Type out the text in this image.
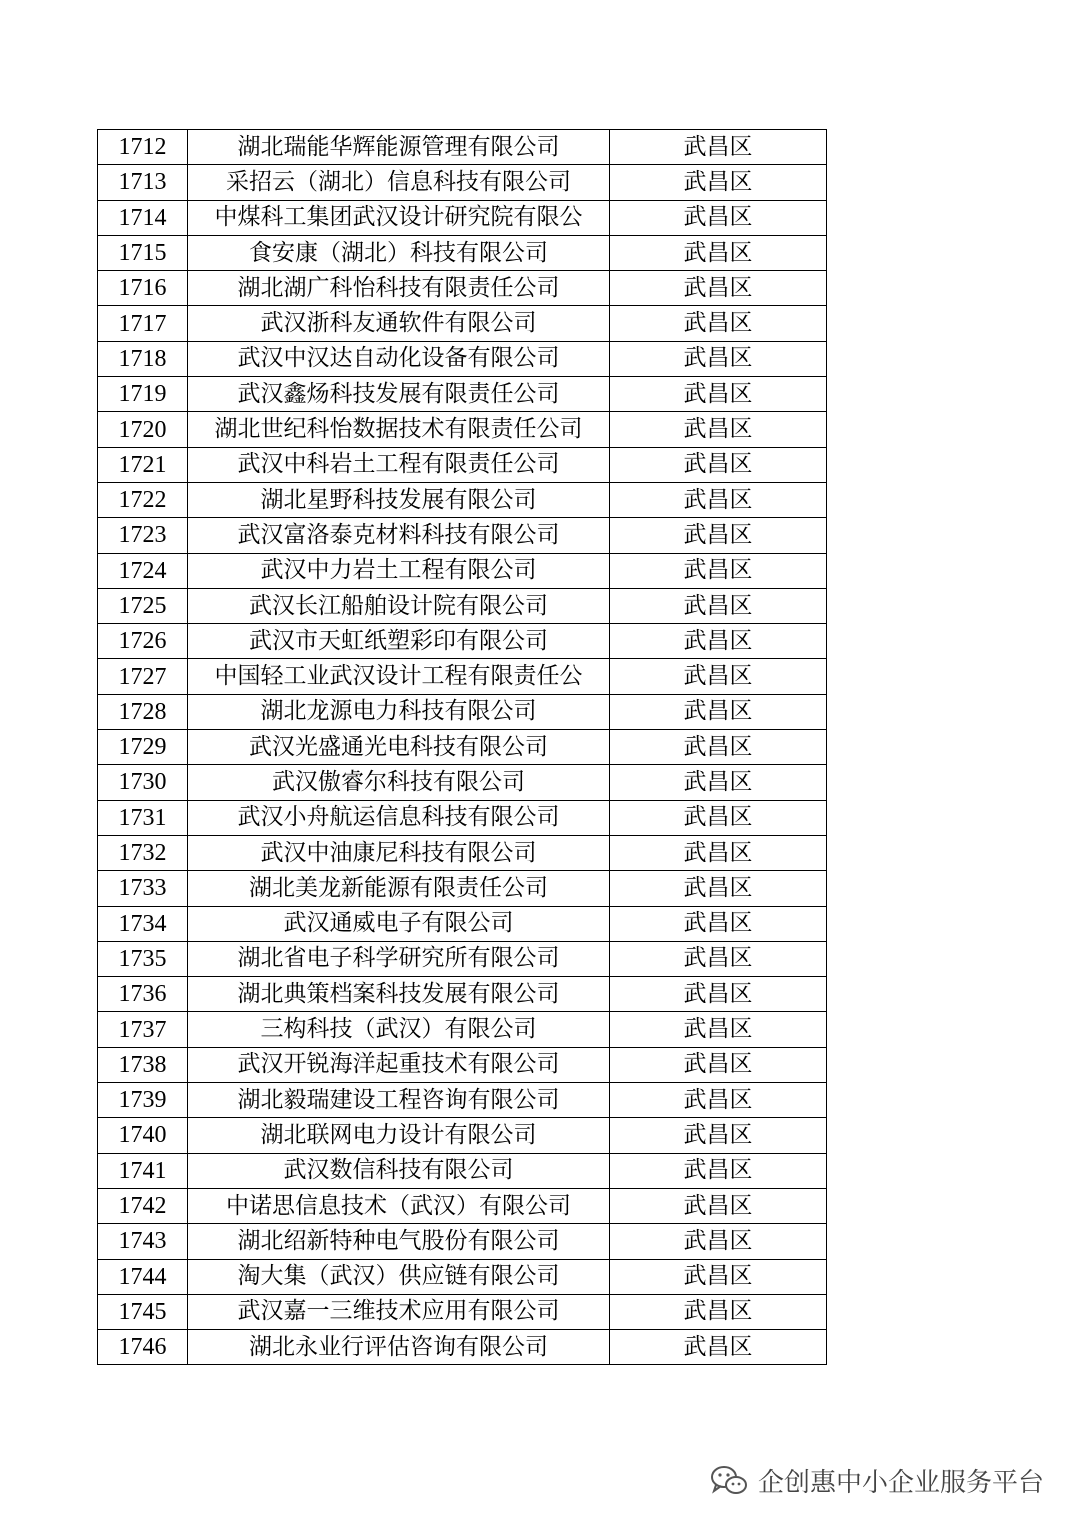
1712	湖北瑞能华辉能源管理有限公司	武昌区
1713	采招云（湖北）信息科技有限公司	武昌区
1714	中煤科工集团武汉设计研究院有限公	武昌区
1715	食安康（湖北）科技有限公司	武昌区
1716	湖北湖广科怡科技有限责任公司	武昌区
1717	武汉浙科友通软件有限公司	武昌区
1718	武汉中汉达自动化设备有限公司	武昌区
1719	武汉鑫炀科技发展有限责任公司	武昌区
1720	湖北世纪科怡数据技术有限责任公司	武昌区
1721	武汉中科岩土工程有限责任公司	武昌区
1722	湖北星野科技发展有限公司	武昌区
1723	武汉富洛泰克材料科技有限公司	武昌区
1724	武汉中力岩土工程有限公司	武昌区
1725	武汉长江船舶设计院有限公司	武昌区
1726	武汉市天虹纸塑彩印有限公司	武昌区
1727	中国轻工业武汉设计工程有限责任公	武昌区
1728	湖北龙源电力科技有限公司	武昌区
1729	武汉光盛通光电科技有限公司	武昌区
1730	武汉傲睿尔科技有限公司	武昌区
1731	武汉小舟航运信息科技有限公司	武昌区
1732	武汉中油康尼科技有限公司	武昌区
1733	湖北美龙新能源有限责任公司	武昌区
1734	武汉通威电子有限公司	武昌区
1735	湖北省电子科学研究所有限公司	武昌区
1736	湖北典策档案科技发展有限公司	武昌区
1737	三构科技（武汉）有限公司	武昌区
1738	武汉开锐海洋起重技术有限公司	武昌区
1739	湖北毅瑞建设工程咨询有限公司	武昌区
1740	湖北联网电力设计有限公司	武昌区
1741	武汉数信科技有限公司	武昌区
1742	中诺思信息技术（武汉）有限公司	武昌区
1743	湖北绍新特种电气股份有限公司	武昌区
1744	淘大集（武汉）供应链有限公司	武昌区
1745	武汉嘉一三维技术应用有限公司	武昌区
1746	湖北永业行评估咨询有限公司	武昌区
企创惠中小企业服务平台
